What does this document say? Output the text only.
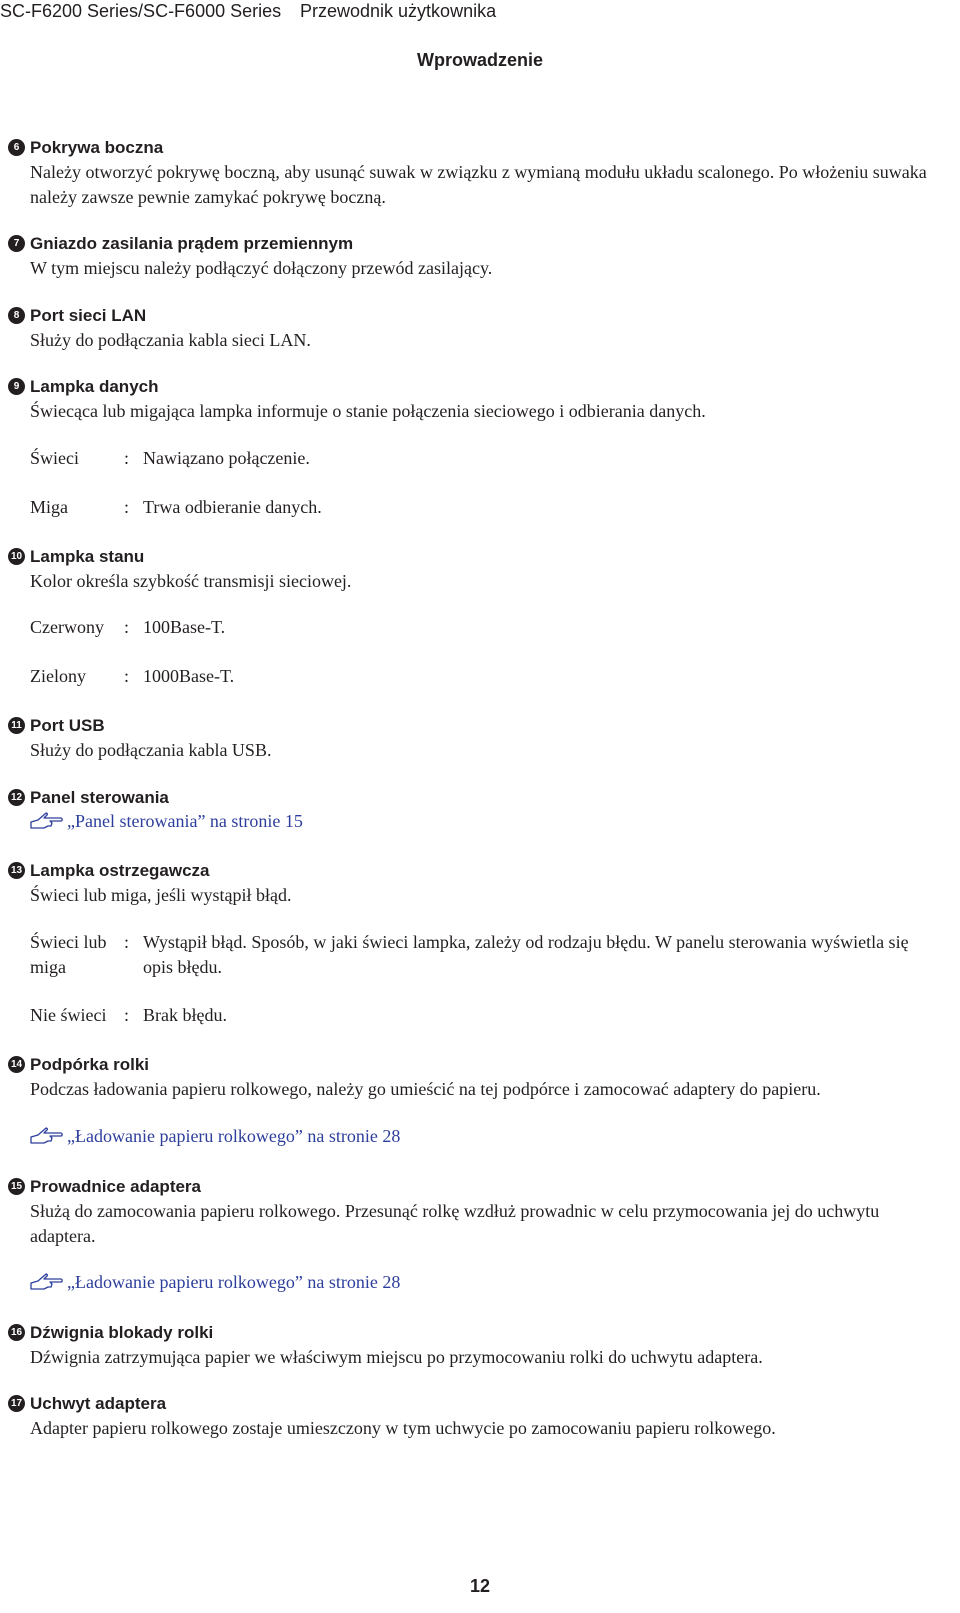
SC-F6200 Series/SC-F6000 Series Przewodnik użytkownika
Wprowadzenie
6 Pokrywa boczna
Należy otworzyć pokrywę boczną, aby usunąć suwak w związku z wymianą modułu układu scalonego. Po włożeniu suwaka należy zawsze pewnie zamykać pokrywę boczną.
7 Gniazdo zasilania prądem przemiennym
W tym miejscu należy podłączyć dołączony przewód zasilający.
8 Port sieci LAN
Służy do podłączania kabla sieci LAN.
9 Lampka danych
Świecąca lub migająca lampka informuje o stanie połączenia sieciowego i odbierania danych.
Świeci	: Nawiązano połączenie.
Miga	: Trwa odbieranie danych.
10 Lampka stanu
Kolor określa szybkość transmisji sieciowej.
Czerwony	: 100Base-T.
Zielony	: 1000Base-T.
11 Port USB
Służy do podłączania kabla USB.
12 Panel sterowania
„Panel sterowania” na stronie 15
13 Lampka ostrzegawcza
Świeci lub miga, jeśli wystąpił błąd.
Świeci lub miga
: Wystąpił błąd. Sposób, w jaki świeci lampka, zależy od rodzaju błędu. W panelu sterowania wyświetla się opis błędu.
Nie świeci : Brak błędu.
14 Podpórka rolki
Podczas ładowania papieru rolkowego, należy go umieścić na tej podpórce i zamocować adaptery do papieru.
„Ładowanie papieru rolkowego” na stronie 28
15 Prowadnice adaptera
Służą do zamocowania papieru rolkowego. Przesunąć rolkę wzdłuż prowadnic w celu przymocowania jej do uchwytu adaptera.
„Ładowanie papieru rolkowego” na stronie 28
16 Dźwignia blokady rolki
Dźwignia zatrzymująca papier we właściwym miejscu po przymocowaniu rolki do uchwytu adaptera.
17 Uchwyt adaptera
Adapter papieru rolkowego zostaje umieszczony w tym uchwycie po zamocowaniu papieru rolkowego.
12
